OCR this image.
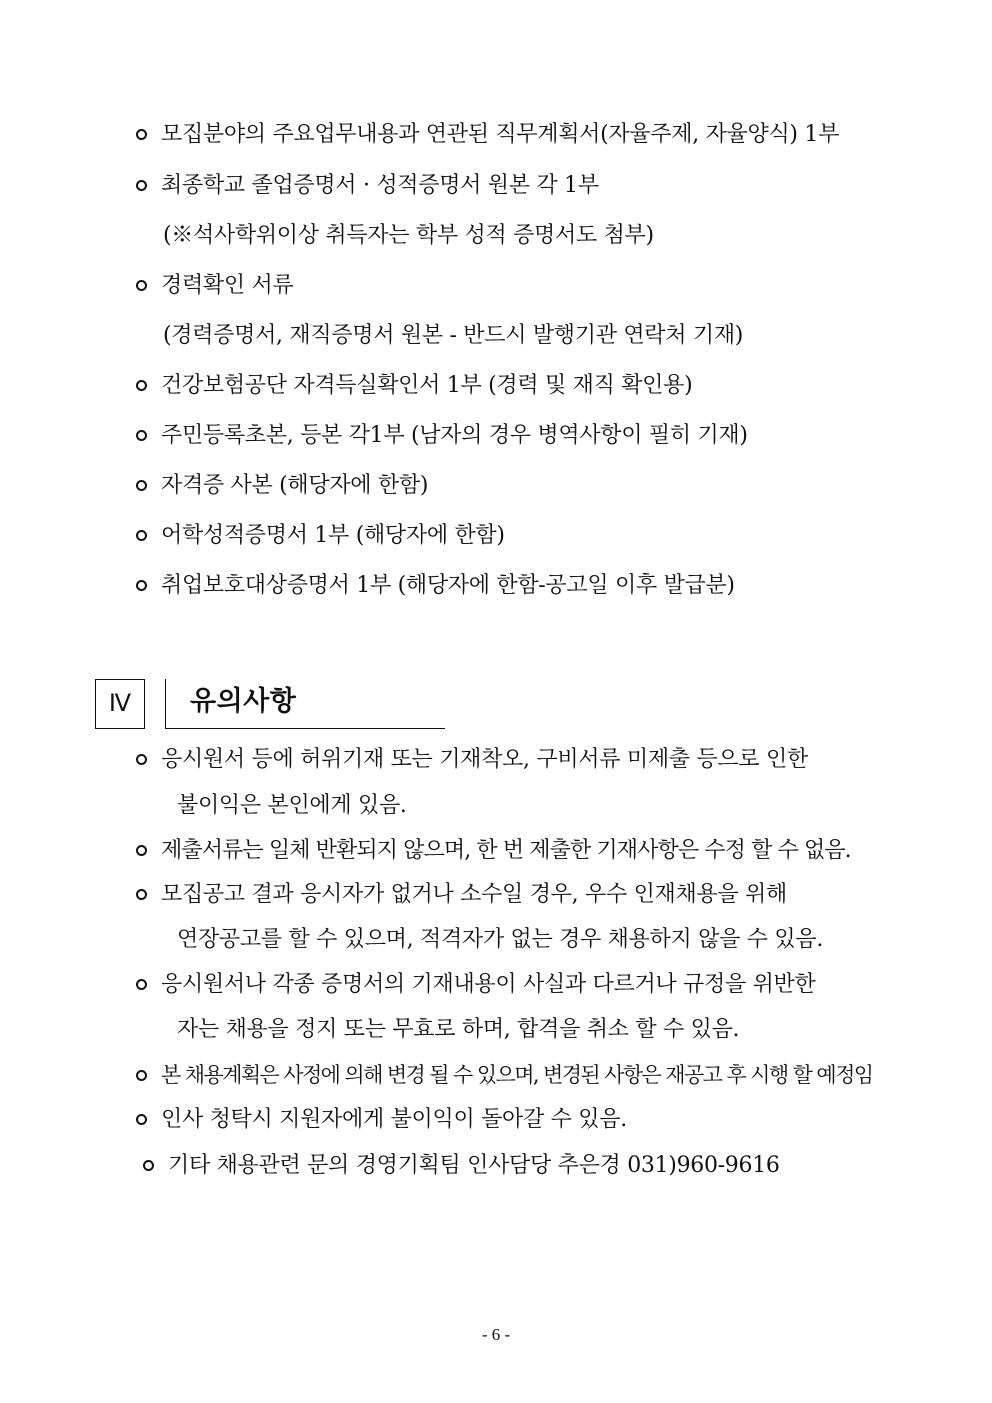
모집분야의 주요업무내용과 연관된 직무계획서(자율주제, 자율양식) 1부
최종학교 졸업증명서 · 성적증명서 원본 각 1부
(※석사학위이상 취득자는 학부 성적 증명서도 첨부)
경력확인 서류
(경력증명서, 재직증명서 원본 - 반드시 발행기관 연락처 기재)
건강보험공단 자격득실확인서 1부 (경력 및 재직 확인용)
주민등록초본, 등본 각1부 (남자의 경우 병역사항이 필히 기재)
자격증 사본 (해당자에 한함)
어학성적증명서 1부 (해당자에 한함)
취업보호대상증명서 1부 (해당자에 한함-공고일 이후 발급분)
Ⅳ	유의사항
응시원서 등에 허위기재 또는 기재착오, 구비서류 미제출 등으로 인한
불이익은 본인에게 있음.
제출서류는 일체 반환되지 않으며, 한 번 제출한 기재사항은 수정 할 수 없음.
모집공고 결과 응시자가 없거나 소수일 경우, 우수 인재채용을 위해
연장공고를 할 수 있으며, 적격자가 없는 경우 채용하지 않을 수 있음.
응시원서나 각종 증명서의 기재내용이 사실과 다르거나 규정을 위반한
자는 채용을 정지 또는 무효로 하며, 합격을 취소 할 수 있음.
본 채용계획은 사정에 의해 변경 될 수 있으며, 변경된 사항은 재공고 후 시행 할 예정임
인사 청탁시 지원자에게 불이익이 돌아갈 수 있음.
기타 채용관련 문의 경영기획팀 인사담당 추은경 031)960-9616
- 6 -
